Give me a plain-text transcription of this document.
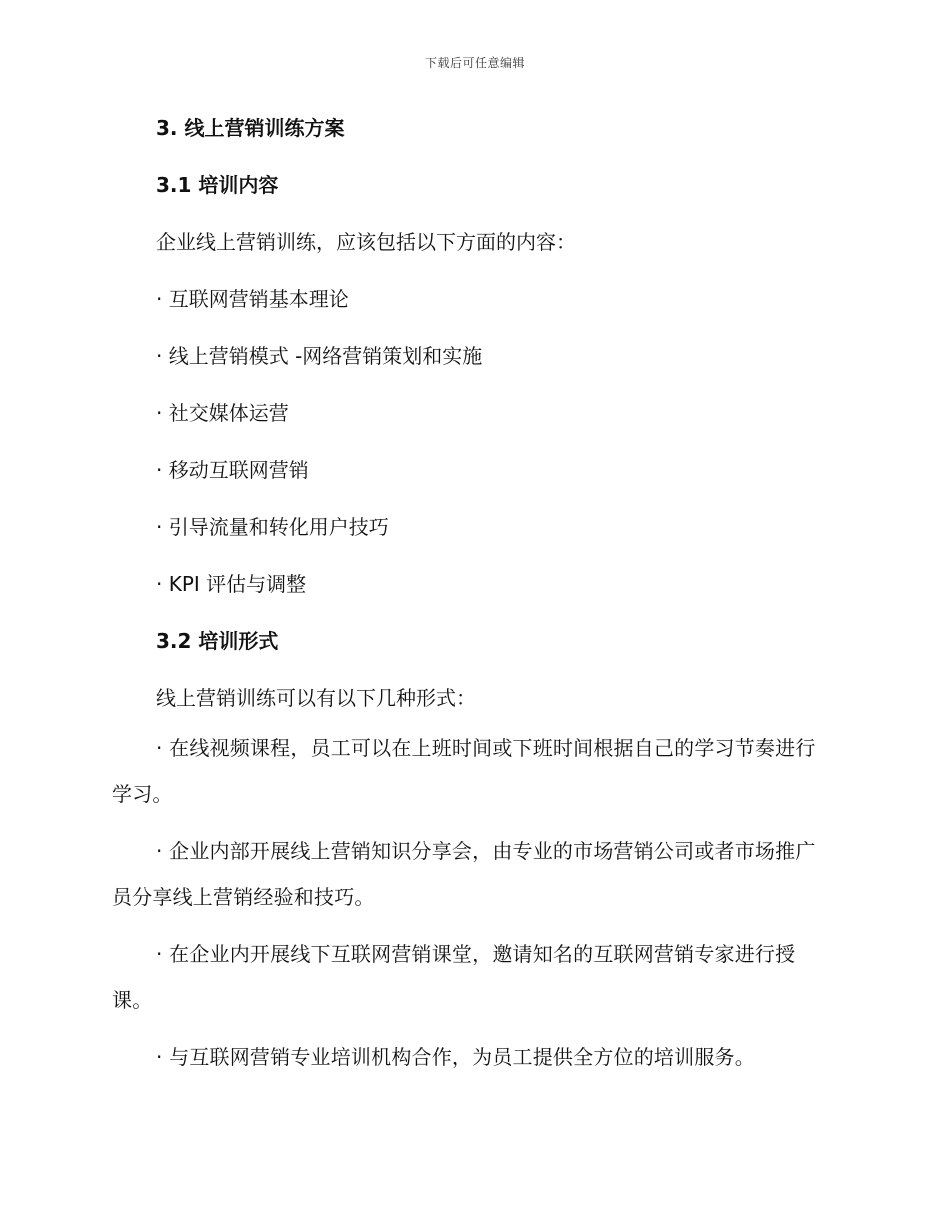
下载后可任意编辑

3. 线上营销训练方案

3.1 培训内容

企业线上营销训练，应该包括以下方面的内容：

· 互联网营销基本理论

· 线上营销模式 -网络营销策划和实施

· 社交媒体运营

· 移动互联网营销

· 引导流量和转化用户技巧

· KPI 评估与调整

3.2 培训形式

线上营销训练可以有以下几种形式：

· 在线视频课程，员工可以在上班时间或下班时间根据自己的学习节奏进行学习。

· 企业内部开展线上营销知识分享会，由专业的市场营销公司或者市场推广员分享线上营销经验和技巧。

· 在企业内开展线下互联网营销课堂，邀请知名的互联网营销专家进行授课。

· 与互联网营销专业培训机构合作，为员工提供全方位的培训服务。
